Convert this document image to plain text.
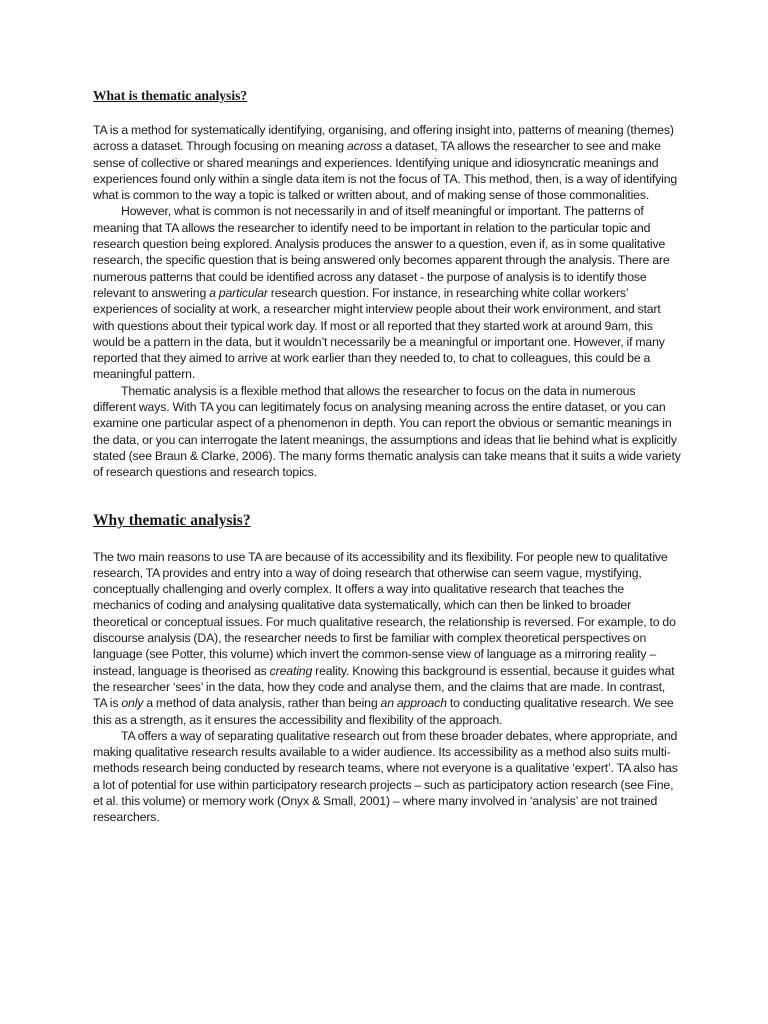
What is thematic analysis?

TA is a method for systematically identifying, organising, and offering insight into, patterns of meaning (themes) across a dataset. Through focusing on meaning across a dataset, TA allows the researcher to see and make sense of collective or shared meanings and experiences. Identifying unique and idiosyncratic meanings and experiences found only within a single data item is not the focus of TA. This method, then, is a way of identifying what is common to the way a topic is talked or written about, and of making sense of those commonalities.

However, what is common is not necessarily in and of itself meaningful or important. The patterns of meaning that TA allows the researcher to identify need to be important in relation to the particular topic and research question being explored. Analysis produces the answer to a question, even if, as in some qualitative research, the specific question that is being answered only becomes apparent through the analysis. There are numerous patterns that could be identified across any dataset - the purpose of analysis is to identify those relevant to answering a particular research question. For instance, in researching white collar workers’ experiences of sociality at work, a researcher might interview people about their work environment, and start with questions about their typical work day. If most or all reported that they started work at around 9am, this would be a pattern in the data, but it wouldn’t necessarily be a meaningful or important one. However, if many reported that they aimed to arrive at work earlier than they needed to, to chat to colleagues, this could be a meaningful pattern.

Thematic analysis is a flexible method that allows the researcher to focus on the data in numerous different ways. With TA you can legitimately focus on analysing meaning across the entire dataset, or you can examine one particular aspect of a phenomenon in depth. You can report the obvious or semantic meanings in the data, or you can interrogate the latent meanings, the assumptions and ideas that lie behind what is explicitly stated (see Braun & Clarke, 2006). The many forms thematic analysis can take means that it suits a wide variety of research questions and research topics.

Why thematic analysis?

The two main reasons to use TA are because of its accessibility and its flexibility. For people new to qualitative research, TA provides and entry into a way of doing research that otherwise can seem vague, mystifying, conceptually challenging and overly complex. It offers a way into qualitative research that teaches the mechanics of coding and analysing qualitative data systematically, which can then be linked to broader theoretical or conceptual issues. For much qualitative research, the relationship is reversed. For example, to do discourse analysis (DA), the researcher needs to first be familiar with complex theoretical perspectives on language (see Potter, this volume) which invert the common-sense view of language as a mirroring reality – instead, language is theorised as creating reality. Knowing this background is essential, because it guides what the researcher ‘sees’ in the data, how they code and analyse them, and the claims that are made. In contrast, TA is only a method of data analysis, rather than being an approach to conducting qualitative research. We see this as a strength, as it ensures the accessibility and flexibility of the approach.

TA offers a way of separating qualitative research out from these broader debates, where appropriate, and making qualitative research results available to a wider audience. Its accessibility as a method also suits multi-methods research being conducted by research teams, where not everyone is a qualitative ‘expert’. TA also has a lot of potential for use within participatory research projects – such as participatory action research (see Fine, et al. this volume) or memory work (Onyx & Small, 2001) – where many involved in ‘analysis’ are not trained researchers.
